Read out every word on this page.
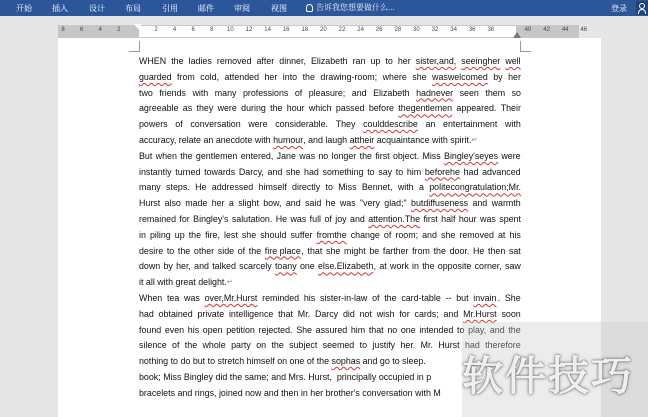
开始	插入	设计	布局	引用	邮件	审阅	视图	告诉我您想要做什么...	登录
8	6	4	2	2	4	6	8 10 12 14 16 18 20 22 24 26 28 30 32 34 36 38	40 42 44 46
WHEN
the
ladies
removed
after
dinner,
Elizabeth
ran
up
to
her
sister,and,
seeingher
well
guarded
from
cold,
attended
her
into
the
drawing-room;
where
she
waswelcomed
by
her
two
friends
with
many
professions
of
pleasure;
and
Elizabeth
hadnever
seen
them
so
agreeable
as
they
were
during
the
hour
which
passed
before
thegentlemen
appeared.
Their
powers
of
conversation
were
considerable.
They
coulddescribe
an
entertainment
with
accuracy,
relate
an
anecdote
with
humour ,
and
laugh
attheir
acquaintance
with
spirit. ↵
But
when
the
gentlemen
entered,
Jane
was
no
longer
the
first
object.
Miss
Bingley'seyes
were
instantly
turned
towards
Darcy,
and
she
had
something
to
say
to
him
beforehe
had
advanced
many
steps.
He
addressed
himself
directly
to
Miss
Bennet,
with
a
politecongratulation;Mr.
Hurst
also
made
her
a
slight
bow,
and
said
he
was
"very
glad;"
butdiffuseness
and
warmth
remained
for
Bingley's
salutation.
He
was
full
of
joy
and
attention.The
first
half
hour
was
spent
in
piling
up
the
fire,
lest
she
should
suffer
fromthe
change
of
room;
and
she
removed
at
his
desire
to
the
other
side
of
the
fire place ,
that
she
might
be
farther
from
the
door.
He
then
sat
down
by
her,
and
talked
scarcely
toany
one
else.Elizabeth ,
at
work
in
the
opposite
corner,
saw
it
all
with
great
delight. ↵
When
tea
was
over,Mr.Hurst
reminded
his
sister-in-law
of
the
card-table
--
but
invain .
She
had
obtained
private
intelligence
that
Mr.
Darcy
did
not
wish
for
cards;
and
Mr.Hurst
soon
found
even
his
open
petition
rejected.
She
assured
him
that
no
one
intended
to
play,
and
the
silence
of
the
whole
party
on
the
subject
seemed
to
justify
her.
Mr.
Hurst
had
therefore
nothing
to
do
but
to
stretch
himself
on
one
of
the
sophas
and
go
to
sleep.
book;
Miss
Bingley
did
the
same;
and
Mrs.
Hurst,

principally
occupied
in
p
bracelets
and
rings,
joined
now
and
then
in
her
brother's
conversation
with
M 软件技巧
